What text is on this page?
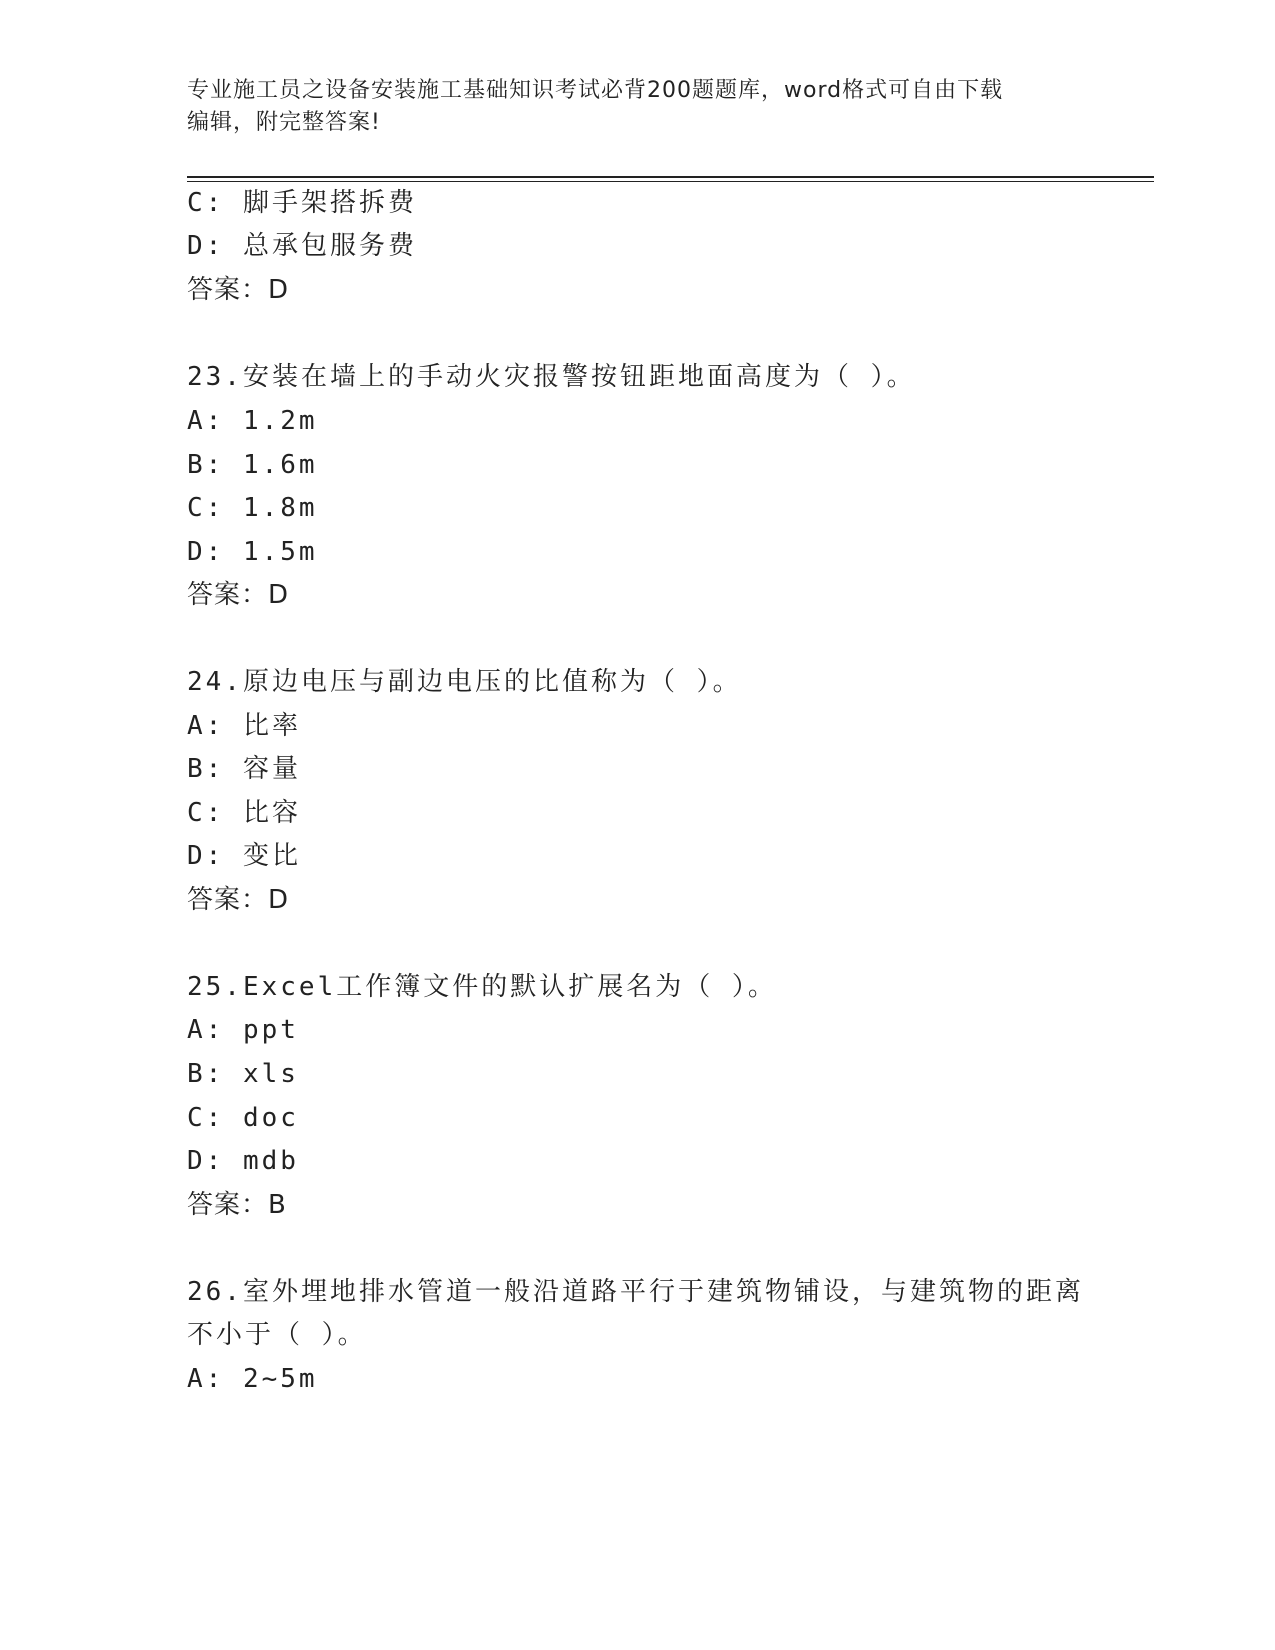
专业施工员之设备安装施工基础知识考试必背200题题库，word格式可自由下载
编辑，附完整答案!
C: 脚手架搭拆费
D: 总承包服务费
答案：D
23.安装在墙上的手动火灾报警按钮距地面高度为（ ）。
A: 1.2m
B: 1.6m
C: 1.8m
D: 1.5m
答案：D
24.原边电压与副边电压的比值称为（ ）。
A: 比率
B: 容量
C: 比容
D: 变比
答案：D
25.Excel工作簿文件的默认扩展名为（ ）。
A: ppt
B: xls
C: doc
D: mdb
答案：B
26.室外埋地排水管道一般沿道路平行于建筑物铺设，与建筑物的距离
不小于（ ）。
A: 2~5m
